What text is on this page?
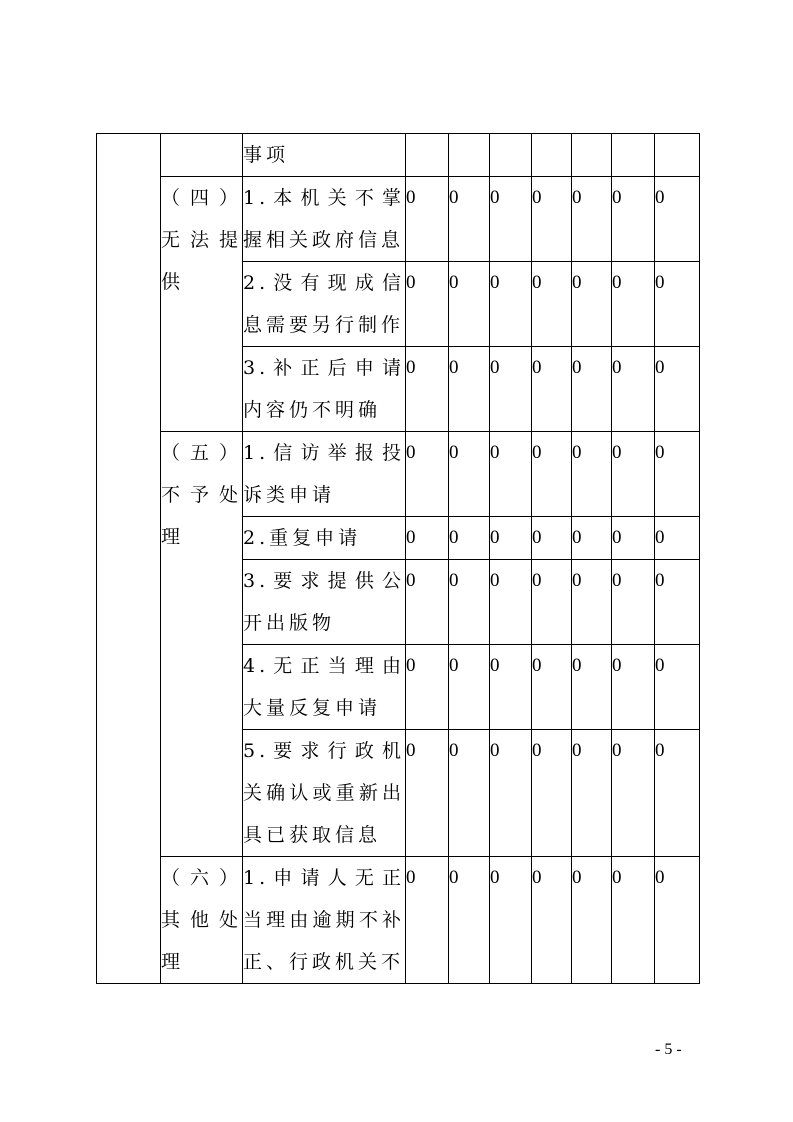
		事项							
	（四）无法提供	1.本机关不掌握相关政府信息	0	0	0	0	0	0	0
		2.没有现成信息需要另行制作	0	0	0	0	0	0	0
		3.补正后申请内容仍不明确	0	0	0	0	0	0	0
	（五）不予处理	1.信访举报投诉类申请	0	0	0	0	0	0	0
		2.重复申请	0	0	0	0	0	0	0
		3.要求提供公开出版物	0	0	0	0	0	0	0
		4.无正当理由大量反复申请	0	0	0	0	0	0	0
		5.要求行政机关确认或重新出具已获取信息	0	0	0	0	0	0	0
	（六）其他处理	1.申请人无正当理由逾期不补正、行政机关不	0	0	0	0	0	0	0
- 5 -
